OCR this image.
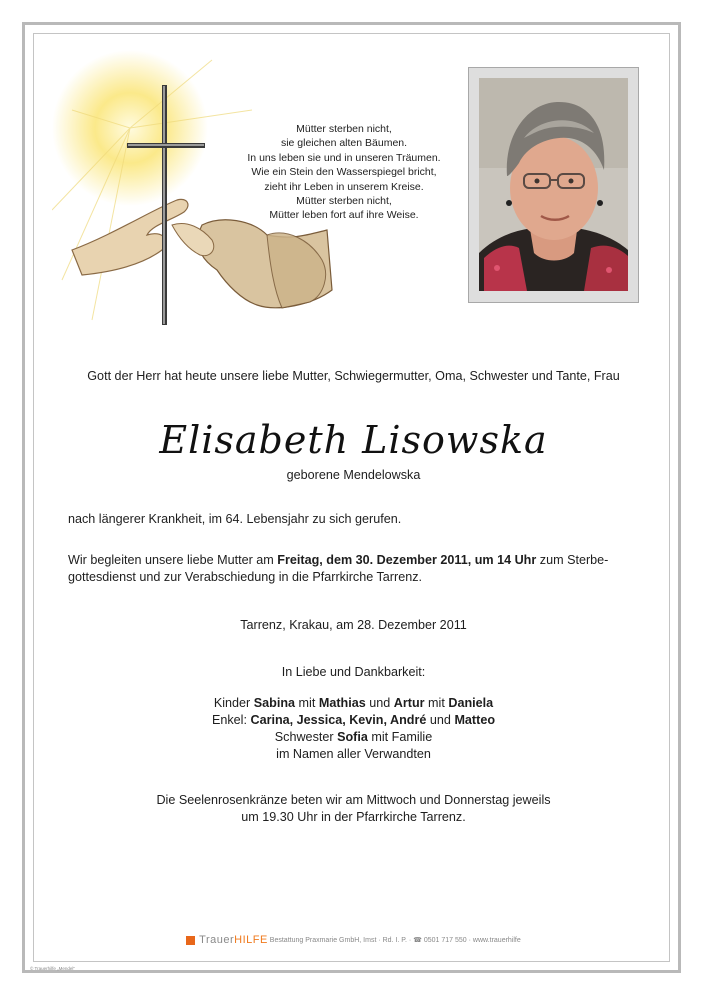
Mütter sterben nicht,
sie gleichen alten Bäumen.
In uns leben sie und in unseren Träumen.
Wie ein Stein den Wasserspiegel bricht,
zieht ihr Leben in unserem Kreise.
Mütter sterben nicht,
Mütter leben fort auf ihre Weise.
Gott der Herr hat heute unsere liebe Mutter, Schwiegermutter, Oma, Schwester und Tante, Frau
Elisabeth Lisowska
geborene Mendelowska
nach längerer Krankheit, im 64. Lebensjahr zu sich gerufen.
Wir begleiten unsere liebe Mutter am Freitag, dem 30. Dezember 2011, um 14 Uhr zum Sterbe-
gottesdienst und zur Verabschiedung in die Pfarrkirche Tarrenz.
Tarrenz, Krakau, am 28. Dezember 2011
In Liebe und Dankbarkeit:
Kinder Sabina mit Mathias und Artur mit Daniela
Enkel: Carina, Jessica, Kevin, André und Matteo
Schwester Sofia mit Familie
im Namen aller Verwandten
Die Seelenrosenkränze beten wir am Mittwoch und Donnerstag jeweils
um 19.30 Uhr in der Pfarrkirche Tarrenz.
TrauerHILFE Bestattung Praxmarie GmbH, Imst · Rd. I. P. · ☎ 0501 717 550 · www.trauerhilfe
© Trauerhilfe „Mendel“
